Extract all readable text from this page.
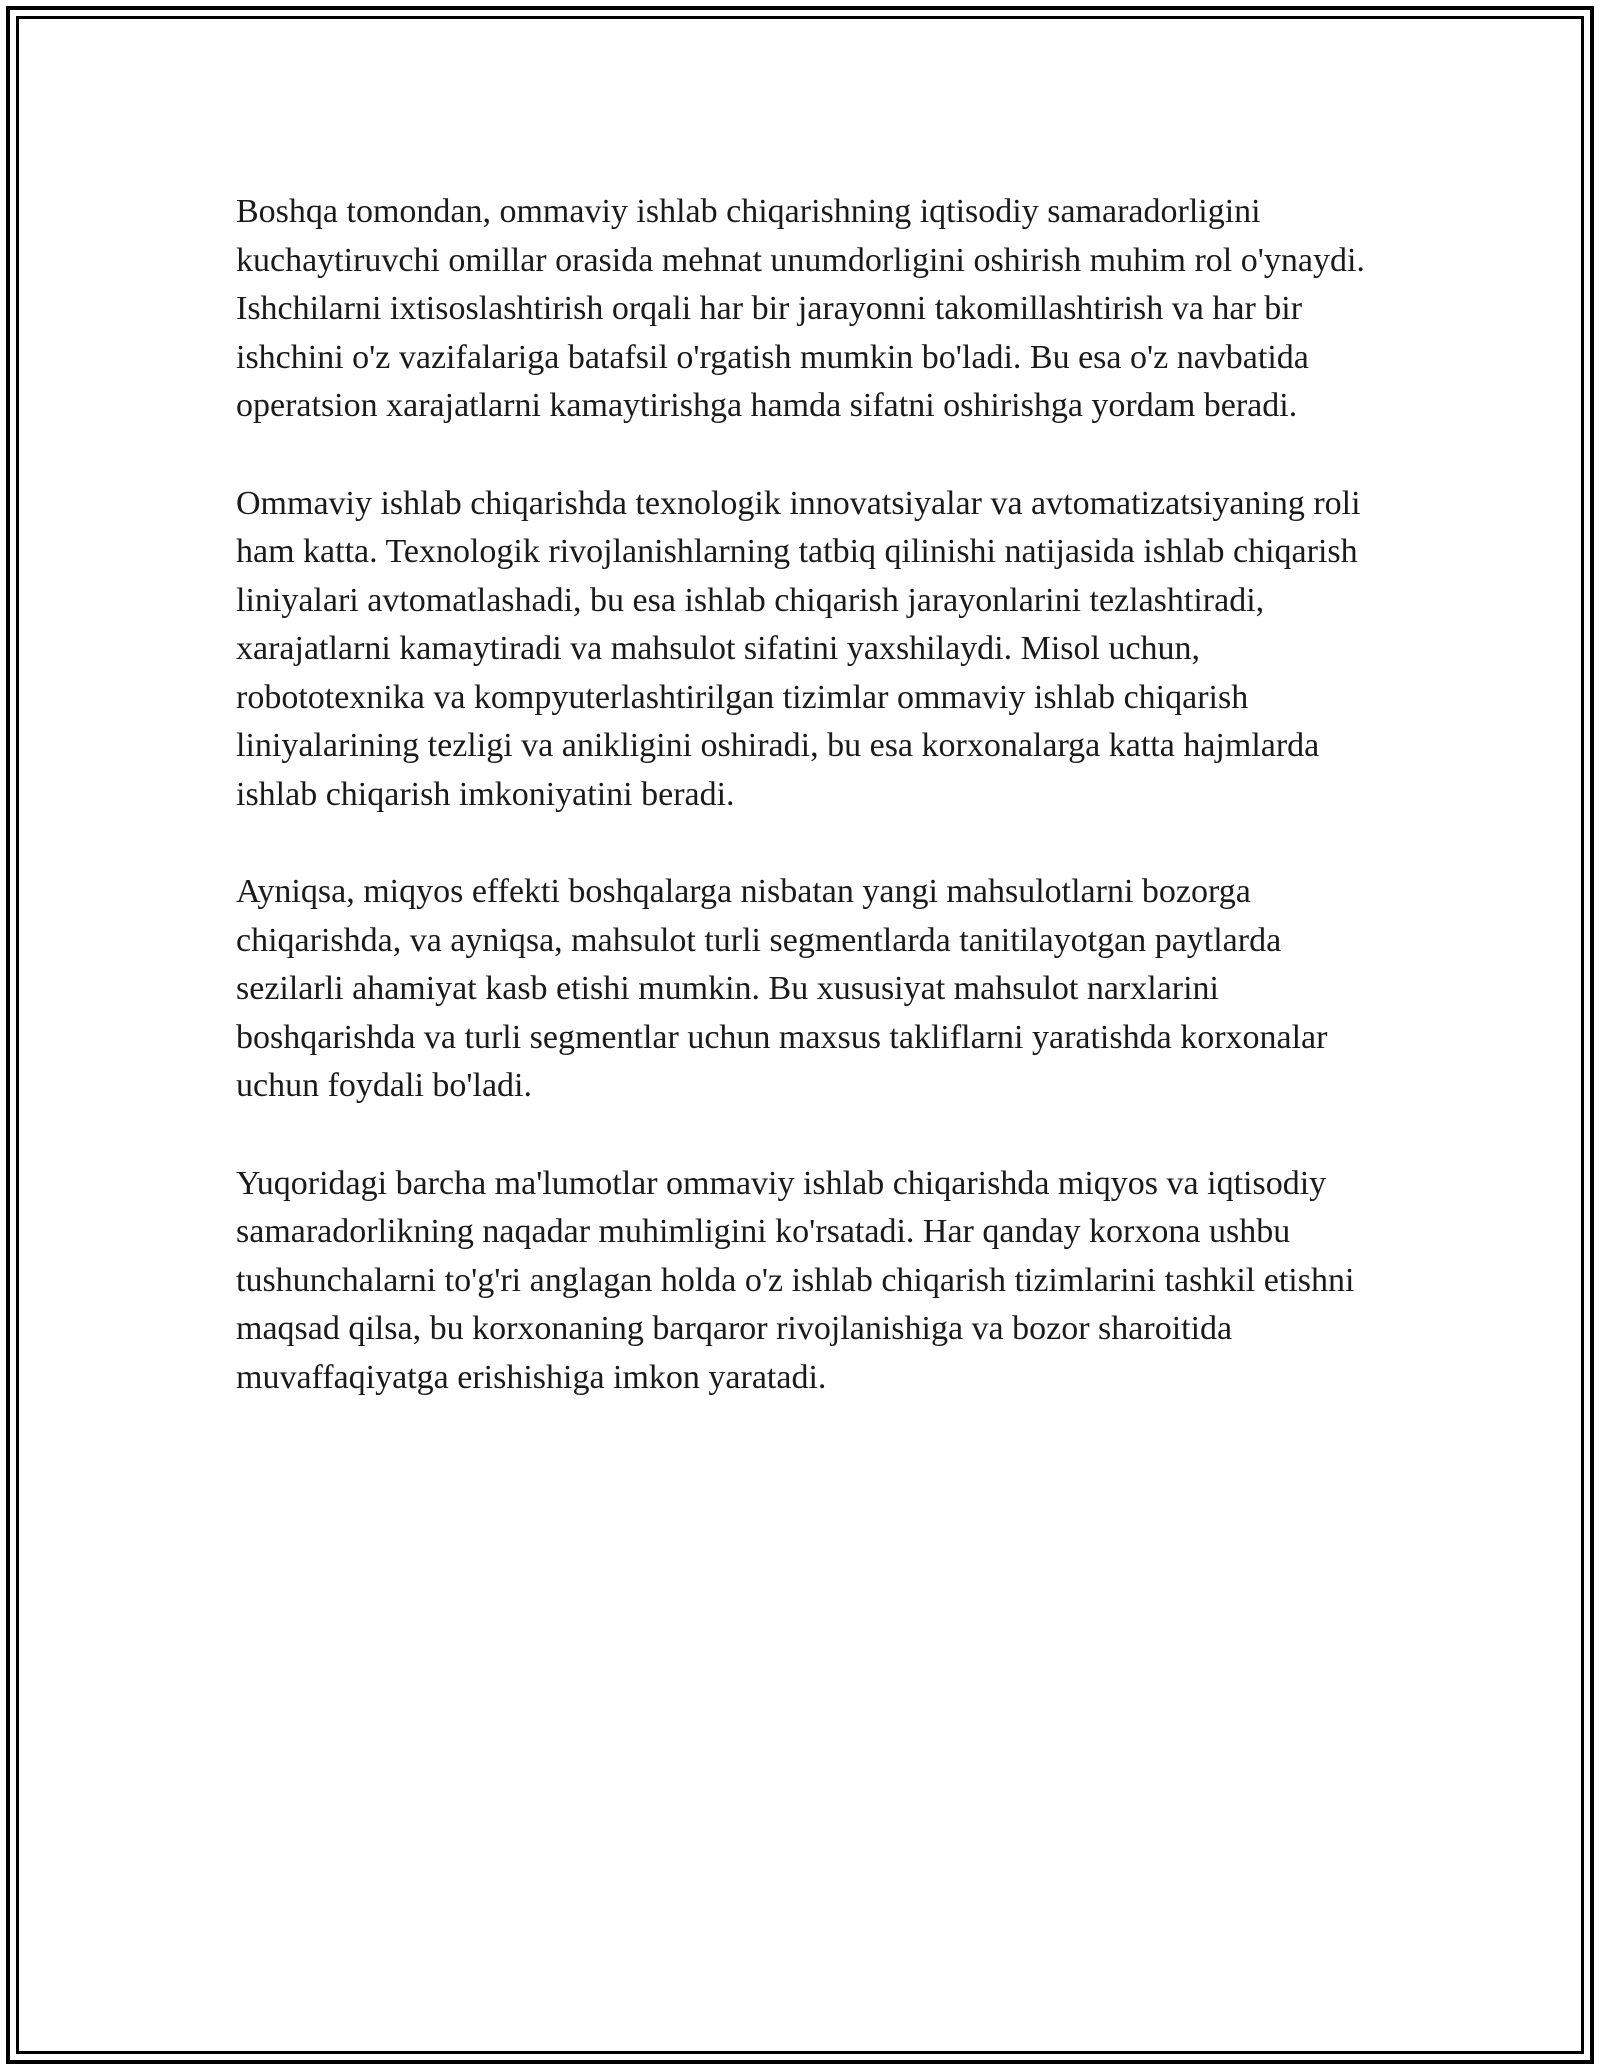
Boshqa tomondan, ommaviy ishlab chiqarishning iqtisodiy samaradorligini kuchaytiruvchi omillar orasida mehnat unumdorligini oshirish muhim rol o'ynaydi. Ishchilarni ixtisoslashtirish orqali har bir jarayonni takomillashtirish va har bir ishchini o'z vazifalariga batafsil o'rgatish mumkin bo'ladi. Bu esa o'z navbatida operatsion xarajatlarni kamaytirishga hamda sifatni oshirishga yordam beradi.

Ommaviy ishlab chiqarishda texnologik innovatsiyalar va avtomatizatsiyaning roli ham katta. Texnologik rivojlanishlarning tatbiq qilinishi natijasida ishlab chiqarish liniyalari avtomatlashadi, bu esa ishlab chiqarish jarayonlarini tezlashtiradi, xarajatlarni kamaytiradi va mahsulot sifatini yaxshilaydi. Misol uchun, robototexnika va kompyuterlashtirilgan tizimlar ommaviy ishlab chiqarish liniyalarining tezligi va anikligini oshiradi, bu esa korxonalarga katta hajmlarda ishlab chiqarish imkoniyatini beradi.

Ayniqsa, miqyos effekti boshqalarga nisbatan yangi mahsulotlarni bozorga chiqarishda, va ayniqsa, mahsulot turli segmentlarda tanitilayotgan paytlarda sezilarli ahamiyat kasb etishi mumkin. Bu xususiyat mahsulot narxlarini boshqarishda va turli segmentlar uchun maxsus takliflarni yaratishda korxonalar uchun foydali bo'ladi.

Yuqoridagi barcha ma'lumotlar ommaviy ishlab chiqarishda miqyos va iqtisodiy samaradorlikning naqadar muhimligini ko'rsatadi. Har qanday korxona ushbu tushunchalarni to'g'ri anglagan holda o'z ishlab chiqarish tizimlarini tashkil etishni maqsad qilsa, bu korxonaning barqaror rivojlanishiga va bozor sharoitida muvaffaqiyatga erishishiga imkon yaratadi.
